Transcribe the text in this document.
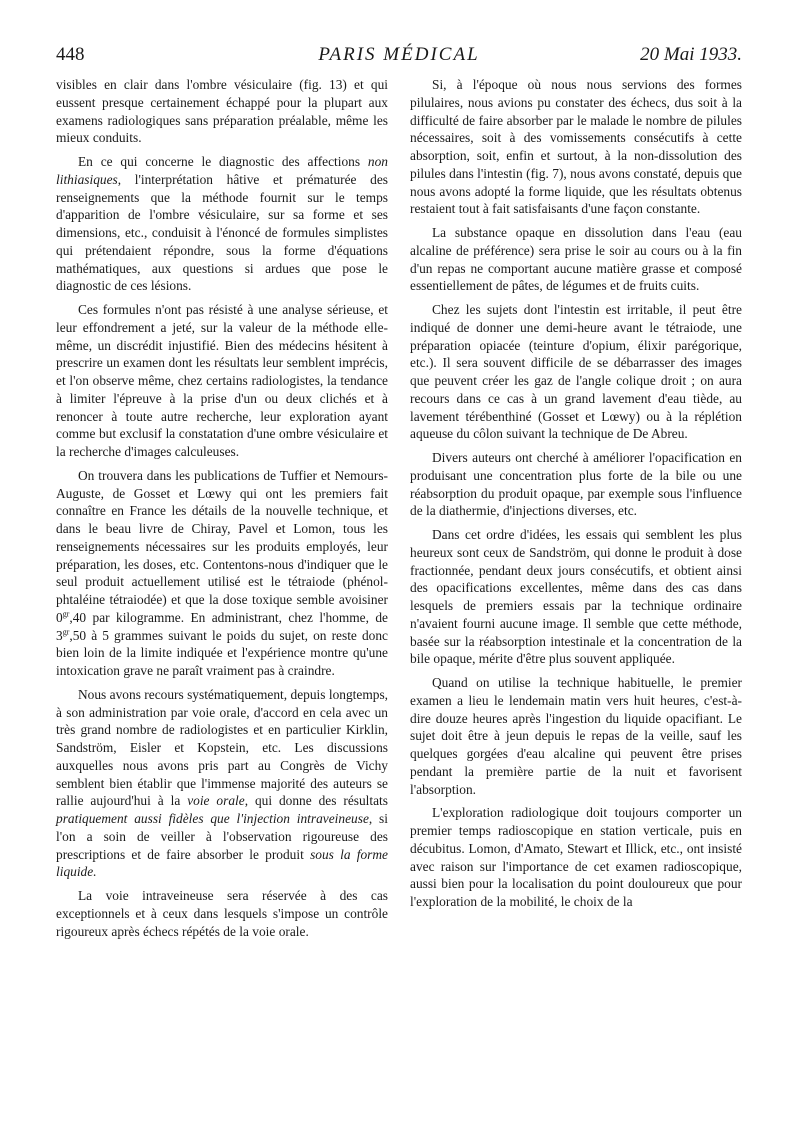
448	PARIS MÉDICAL	20 Mai 1933.

visibles en clair dans l'ombre vésiculaire (fig. 13) et qui eussent presque certainement échappé pour la plupart aux examens radiologiques sans préparation préalable, même les mieux conduits.

En ce qui concerne le diagnostic des affections non lithiasiques, l'interprétation hâtive et prématurée des renseignements que la méthode fournit sur le temps d'apparition de l'ombre vésiculaire, sur sa forme et ses dimensions, etc., conduisit à l'énoncé de formules simplistes qui prétendaient répondre, sous la forme d'équations mathématiques, aux questions si ardues que pose le diagnostic de ces lésions.

Ces formules n'ont pas résisté à une analyse sérieuse, et leur effondrement a jeté, sur la valeur de la méthode elle-même, un discrédit injustifié. Bien des médecins hésitent à prescrire un examen dont les résultats leur semblent imprécis, et l'on observe même, chez certains radiologistes, la tendance à limiter l'épreuve à la prise d'un ou deux clichés et à renoncer à toute autre recherche, leur exploration ayant comme but exclusif la constatation d'une ombre vésiculaire et la recherche d'images calculeuses.

On trouvera dans les publications de Tuffier et Nemours-Auguste, de Gosset et Lœwy qui ont les premiers fait connaître en France les détails de la nouvelle technique, et dans le beau livre de Chiray, Pavel et Lomon, tous les renseignements nécessaires sur les produits employés, leur préparation, les doses, etc. Contentons-nous d'indiquer que le seul produit actuellement utilisé est le tétraiode (phénol-phtaléine tétraiodée) et que la dose toxique semble avoisiner $0^{gr},40$ par kilogramme. En administrant, chez l'homme, de $3^{gr},50$ à 5 grammes suivant le poids du sujet, on reste donc bien loin de la limite indiquée et l'expérience montre qu'une intoxication grave ne paraît vraiment pas à craindre.

Nous avons recours systématiquement, depuis longtemps, à son administration par voie orale, d'accord en cela avec un très grand nombre de radiologistes et en particulier Kirklin, Sandström, Eisler et Kopstein, etc. Les discussions auxquelles nous avons pris part au Congrès de Vichy semblent bien établir que l'immense majorité des auteurs se rallie aujourd'hui à la voie orale, qui donne des résultats pratiquement aussi fidèles que l'injection intraveineuse, si l'on a soin de veiller à l'observation rigoureuse des prescriptions et de faire absorber le produit sous la forme liquide.

La voie intraveineuse sera réservée à des cas exceptionnels et à ceux dans lesquels s'impose un contrôle rigoureux après échecs répétés de la voie orale.

Si, à l'époque où nous nous servions des formes pilulaires, nous avions pu constater des échecs, dus soit à la difficulté de faire absorber par le malade le nombre de pilules nécessaires, soit à des vomissements consécutifs à cette absorption, soit, enfin et surtout, à la non-dissolution des pilules dans l'intestin (fig. 7), nous avons constaté, depuis que nous avons adopté la forme liquide, que les résultats obtenus restaient tout à fait satisfaisants d'une façon constante.

La substance opaque en dissolution dans l'eau (eau alcaline de préférence) sera prise le soir au cours ou à la fin d'un repas ne comportant aucune matière grasse et composé essentiellement de pâtes, de légumes et de fruits cuits.

Chez les sujets dont l'intestin est irritable, il peut être indiqué de donner une demi-heure avant le tétraiode, une préparation opiacée (teinture d'opium, élixir parégorique, etc.). Il sera souvent difficile de se débarrasser des images que peuvent créer les gaz de l'angle colique droit ; on aura recours dans ce cas à un grand lavement d'eau tiède, au lavement térébenthiné (Gosset et Lœwy) ou à la réplétion aqueuse du côlon suivant la technique de De Abreu.

Divers auteurs ont cherché à améliorer l'opacification en produisant une concentration plus forte de la bile ou une réabsorption du produit opaque, par exemple sous l'influence de la diathermie, d'injections diverses, etc.

Dans cet ordre d'idées, les essais qui semblent les plus heureux sont ceux de Sandström, qui donne le produit à dose fractionnée, pendant deux jours consécutifs, et obtient ainsi des opacifications excellentes, même dans des cas dans lesquels de premiers essais par la technique ordinaire n'avaient fourni aucune image. Il semble que cette méthode, basée sur la réabsorption intestinale et la concentration de la bile opaque, mérite d'être plus souvent appliquée.

Quand on utilise la technique habituelle, le premier examen a lieu le lendemain matin vers huit heures, c'est-à-dire douze heures après l'ingestion du liquide opacifiant. Le sujet doit être à jeun depuis le repas de la veille, sauf les quelques gorgées d'eau alcaline qui peuvent être prises pendant la première partie de la nuit et favorisent l'absorption.

L'exploration radiologique doit toujours comporter un premier temps radioscopique en station verticale, puis en décubitus. Lomon, d'Amato, Stewart et Illick, etc., ont insisté avec raison sur l'importance de cet examen radioscopique, aussi bien pour la localisation du point douloureux que pour l'exploration de la mobilité, le choix de la
